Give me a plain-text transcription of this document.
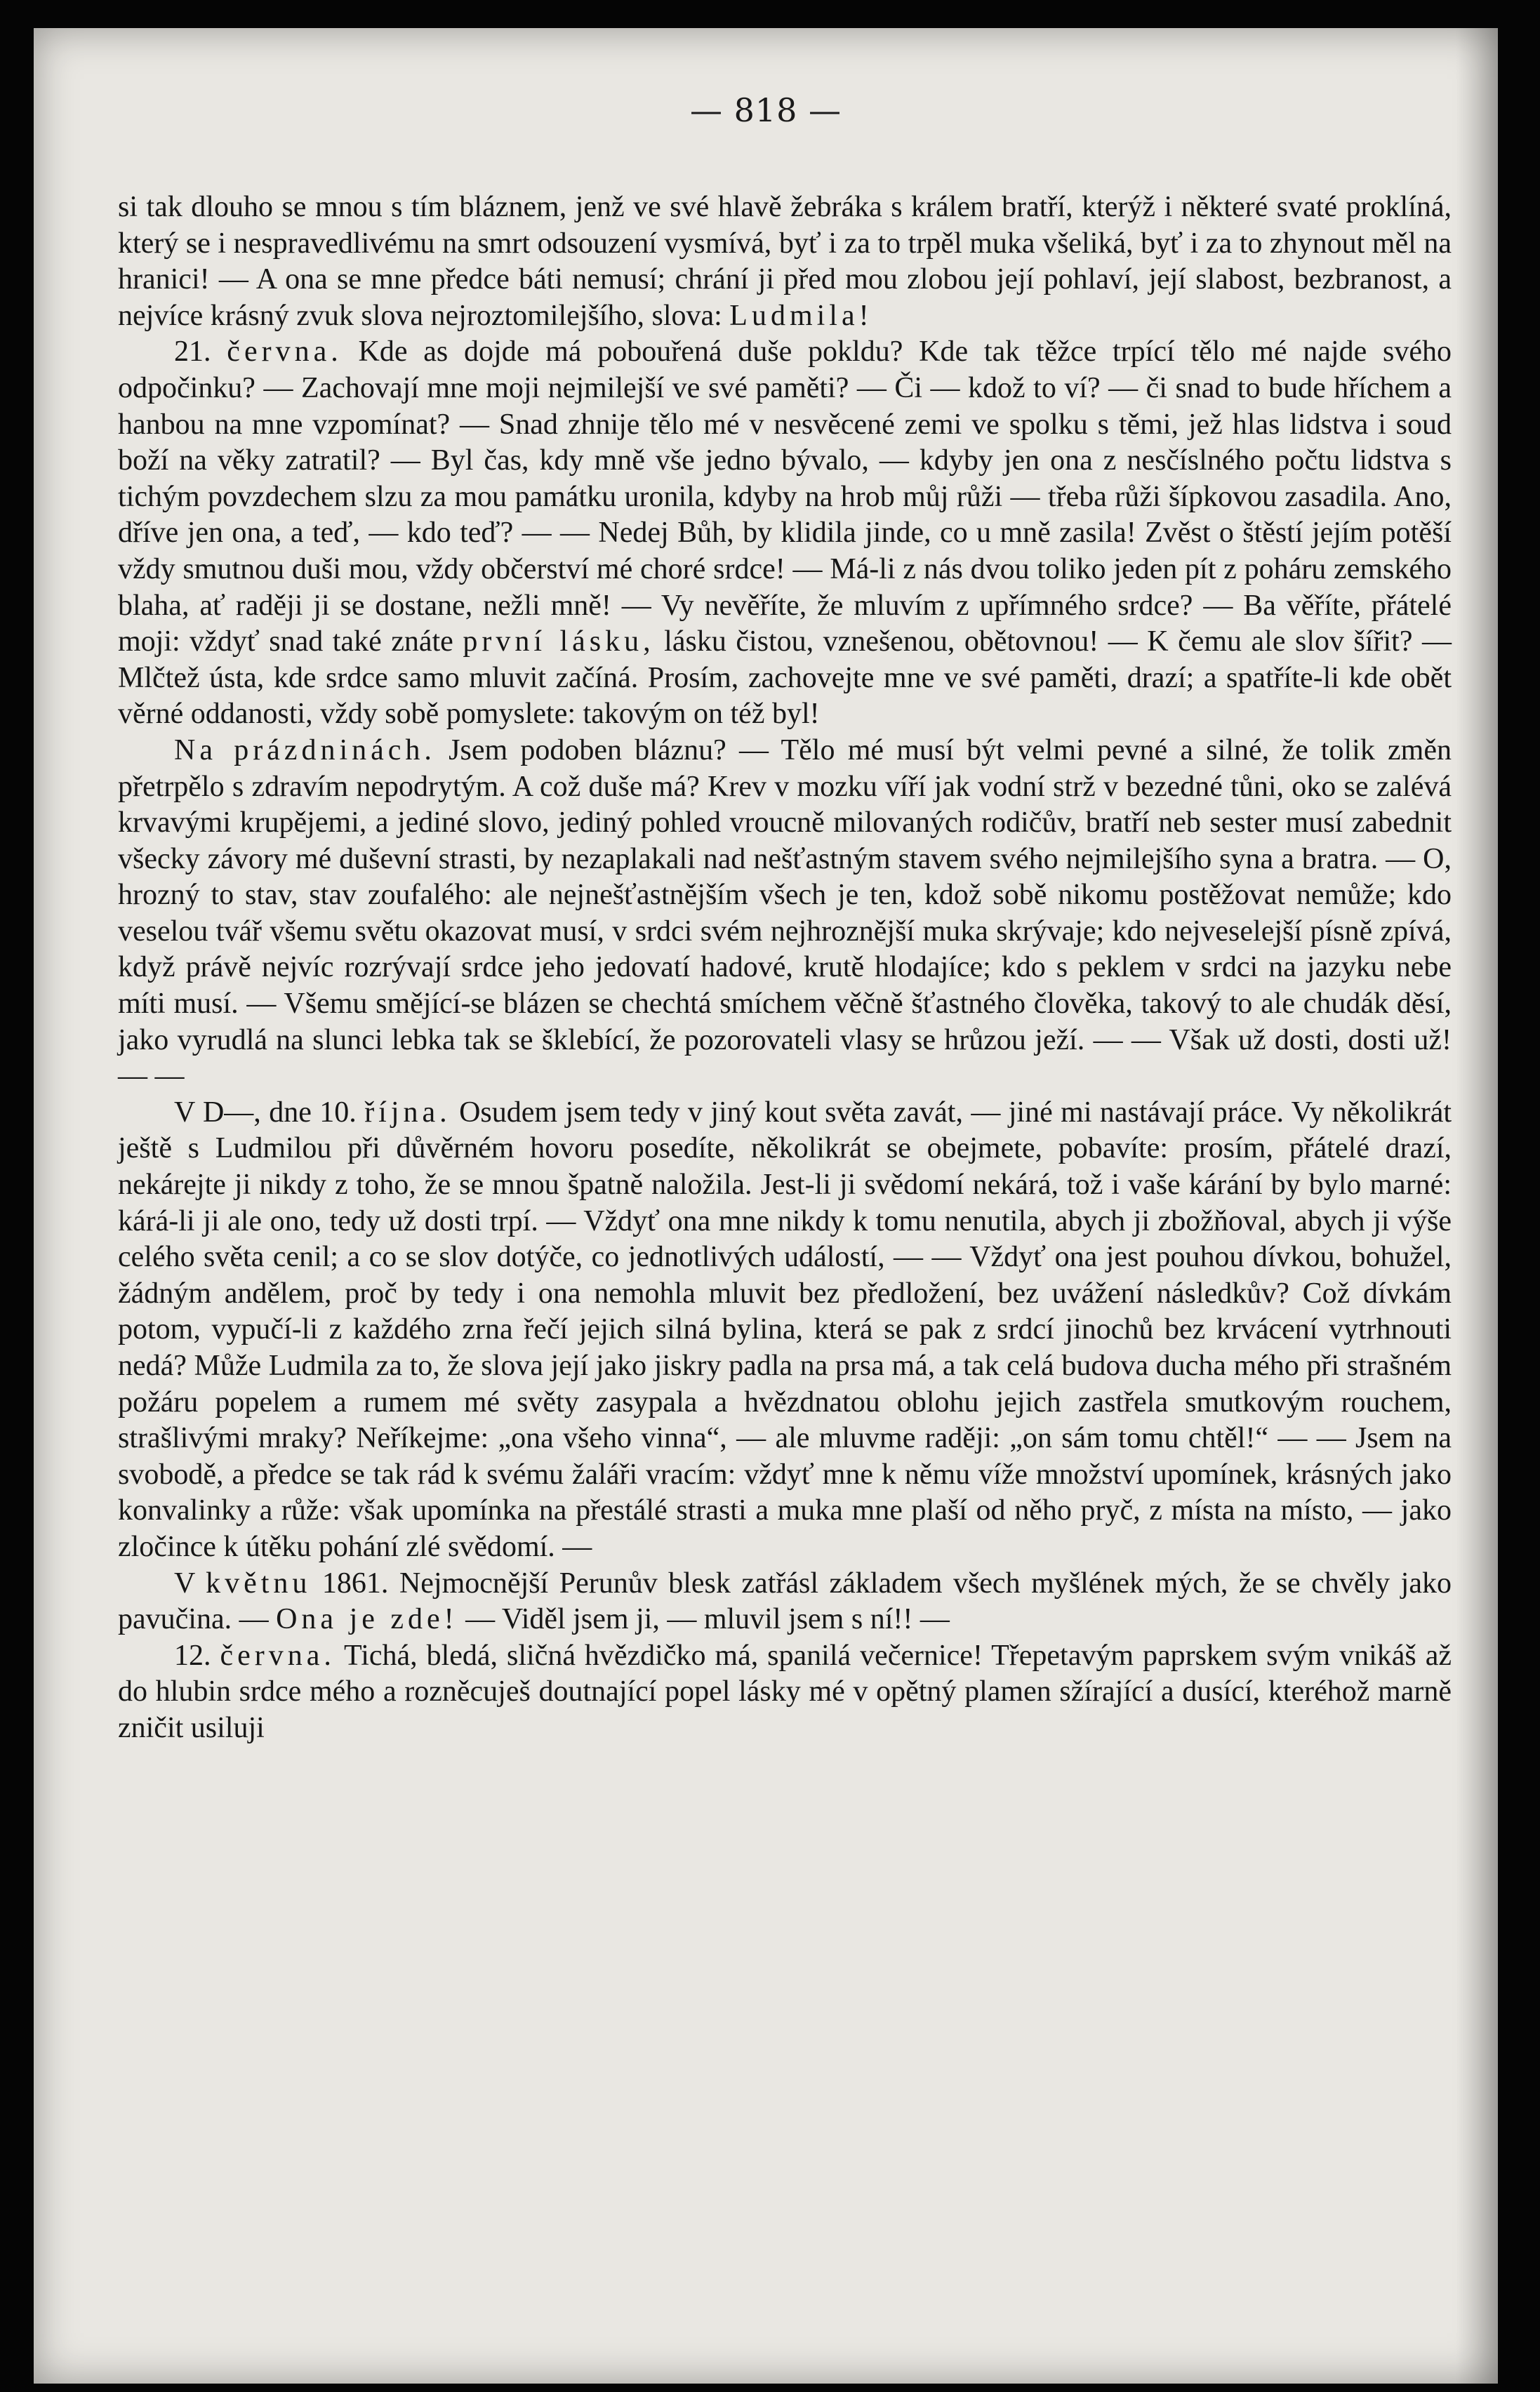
— 818 —

si tak dlouho se mnou s tím bláznem, jenž ve své hlavě žebráka s králem bratří, kterýž i některé svaté proklíná, který se i nespravedlivému na smrt odsouzení vysmívá, byť i za to trpěl muka všeliká, byť i za to zhynout měl na hranici! — A ona se mne předce báti nemusí; chrání ji před mou zlobou její pohlaví, její slabost, bezbranost, a nejvíce krásný zvuk slova nejroztomilejšího, slova: Ludmila!

21. června. Kde as dojde má pobouřená duše pokldu? Kde tak těžce trpící tělo mé najde svého odpočinku? — Zachovají mne moji nejmilejší ve své paměti? — Či — kdož to ví? — či snad to bude hříchem a hanbou na mne vzpomínat? — Snad zhnije tělo mé v nesvěcené zemi ve spolku s těmi, jež hlas lidstva i soud boží na věky zatratil? — Byl čas, kdy mně vše jedno bývalo, — kdyby jen ona z nesčíslného počtu lidstva s tichým povzdechem slzu za mou památku uronila, kdyby na hrob můj růži — třeba růži šípkovou zasadila. Ano, dříve jen ona, a teď, — kdo teď? — — Nedej Bůh, by klidila jinde, co u mně zasila! Zvěst o štěstí jejím potěší vždy smutnou duši mou, vždy občerství mé choré srdce! — Má-li z nás dvou toliko jeden pít z poháru zemského blaha, ať raději ji se dostane, nežli mně! — Vy nevěříte, že mluvím z upřímného srdce? — Ba věříte, přátelé moji: vždyť snad také znáte první lásku, lásku čistou, vznešenou, obětovnou! — K čemu ale slov šířit? — Mlčtež ústa, kde srdce samo mluvit začíná. Prosím, zachovejte mne ve své paměti, drazí; a spatříte-li kde obět věrné oddanosti, vždy sobě pomyslete: takovým on též byl!

Na prázdninách. Jsem podoben bláznu? — Tělo mé musí být velmi pevné a silné, že tolik změn přetrpělo s zdravím nepodrytým. A což duše má? Krev v mozku víří jak vodní strž v bezedné tůni, oko se zalévá krvavými krupějemi, a jediné slovo, jediný pohled vroucně milovaných rodičův, bratří neb sester musí zabednit všecky závory mé duševní strasti, by nezaplakali nad nešťastným stavem svého nejmilejšího syna a bratra. — O, hrozný to stav, stav zoufalého: ale nejnešťastnějším všech je ten, kdož sobě nikomu postěžovat nemůže; kdo veselou tvář všemu světu okazovat musí, v srdci svém nejhroznější muka skrývaje; kdo nejveselejší písně zpívá, když právě nejvíc rozrývají srdce jeho jedovatí hadové, krutě hlodajíce; kdo s peklem v srdci na jazyku nebe míti musí. — Všemu smějící-se blázen se chechtá smíchem věčně šťastného člověka, takový to ale chudák děsí, jako vyrudlá na slunci lebka tak se šklebící, že pozorovateli vlasy se hrůzou ježí. — — Však už dosti, dosti už! — —

V D—, dne 10. října. Osudem jsem tedy v jiný kout světa zavát, — jiné mi nastávají práce. Vy několikrát ještě s Ludmilou při důvěrném hovoru posedíte, několikrát se obejmete, pobavíte: prosím, přátelé drazí, nekárejte ji nikdy z toho, že se mnou špatně naložila. Jest-li ji svědomí nekárá, tož i vaše kárání by bylo marné: kárá-li ji ale ono, tedy už dosti trpí. — Vždyť ona mne nikdy k tomu nenutila, abych ji zbožňoval, abych ji výše celého světa cenil; a co se slov dotýče, co jednotlivých událostí, — — Vždyť ona jest pouhou dívkou, bohužel, žádným andělem, proč by tedy i ona nemohla mluvit bez předložení, bez uvážení následkův? Což dívkám potom, vypučí-li z každého zrna řečí jejich silná bylina, která se pak z srdcí jinochů bez krvácení vytrhnouti nedá? Může Ludmila za to, že slova její jako jiskry padla na prsa má, a tak celá budova ducha mého při strašném požáru popelem a rumem mé světy zasypala a hvězdnatou oblohu jejich zastřela smutkovým rouchem, strašlivými mraky? Neříkejme: „ona všeho vinna“, — ale mluvme raději: „on sám tomu chtěl!“ — — Jsem na svobodě, a předce se tak rád k svému žaláři vracím: vždyť mne k němu víže množství upomínek, krásných jako konvalinky a růže: však upomínka na přestálé strasti a muka mne plaší od něho pryč, z místa na místo, — jako zločince k útěku pohání zlé svědomí. —

V květnu 1861. Nejmocnější Perunův blesk zatřásl základem všech myšlének mých, že se chvěly jako pavučina. — Ona je zde! — Viděl jsem ji, — mluvil jsem s ní!! —

12. června. Tichá, bledá, sličná hvězdičko má, spanilá večernice! Třepetavým paprskem svým vnikáš až do hlubin srdce mého a rozněcuješ doutnající popel lásky mé v opětný plamen sžírající a dusící, kteréhož marně zničit usiluji
